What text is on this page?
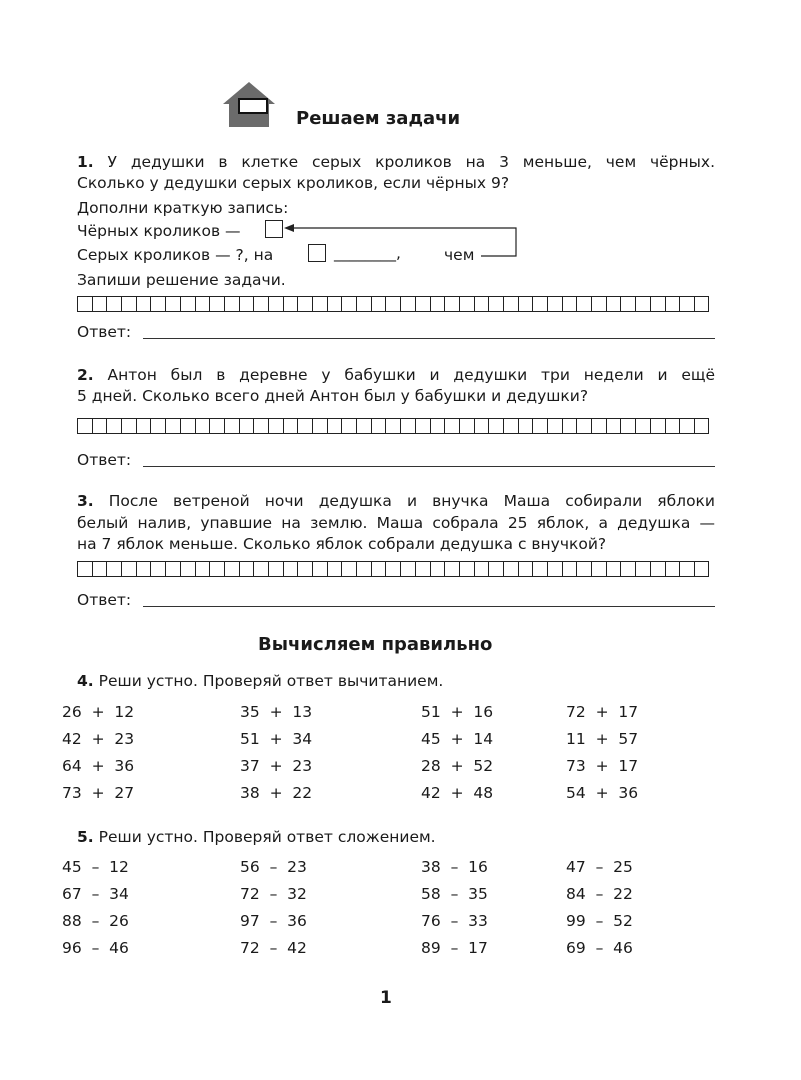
Решаем задачи
1. У дедушки в клетке серых кроликов на 3 меньше, чем чёрных.
Сколько у дедушки серых кроликов, если чёрных 9?
Дополни краткую запись:
Чёрных кроликов —
Серых кроликов — ?, на	________,	чем
Запиши решение задачи.
Ответ:
2. Антон был в деревне у бабушки и дедушки три недели и ещё
5 дней. Сколько всего дней Антон был у бабушки и дедушки?
Ответ:
3. После ветреной ночи дедушка и внучка Маша собирали яблоки
белый налив, упавшие на землю. Маша собрала 25 яблок, а дедушка —
на 7 яблок меньше. Сколько яблок собрали дедушка с внучкой?
Ответ:
Вычисляем правильно
4. Реши устно. Проверяй ответ вычитанием.
26  +  12
42  +  23
64  +  36
73  +  27
35  +  13
51  +  34
37  +  23
38  +  22
51  +  16
45  +  14
28  +  52
42  +  48
72  +  17
11  +  57
73  +  17
54  +  36
5. Реши устно. Проверяй ответ сложением.
45  –  12
67  –  34
88  –  26
96  –  46
56  –  23
72  –  32
97  –  36
72  –  42
38  –  16
58  –  35
76  –  33
89  –  17
47  –  25
84  –  22
99  –  52
69  –  46
1
